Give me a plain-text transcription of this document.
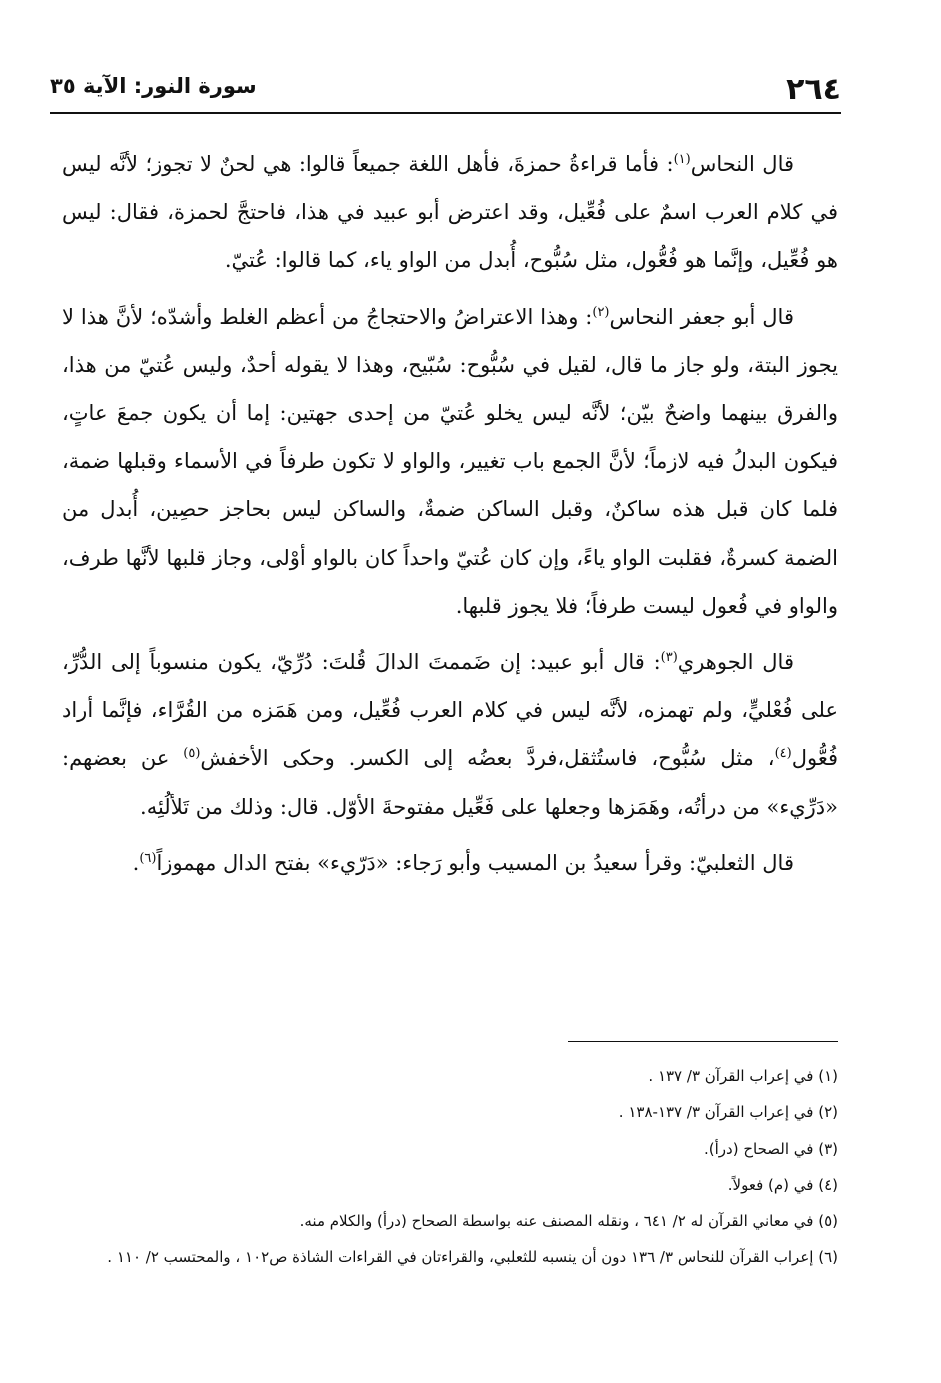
٢٦٤
سورة النور: الآية ٣٥

قال النحاس$^{(١)}$: فأما قراءةُ حمزةَ، فأهل اللغة جميعاً قالوا: هي لحنٌ لا تجوز؛ لأنَّه ليس في كلام العرب اسمٌ على فُعِّيل، وقد اعترض أبو عبيد في هذا، فاحتجَّ لحمزة، فقال: ليس هو فُعِّيل، وإنَّما هو فُعُّول، مثل سُبُّوح، أُبدل من الواو ياء، كما قالوا: عُتيّ.

قال أبو جعفر النحاس$^{(٢)}$: وهذا الاعتراضُ والاحتجاجُ من أعظم الغلط وأشدّه؛ لأنَّ هذا لا يجوز البتة، ولو جاز ما قال، لقيل في سُبُّوح: سُبّيح، وهذا لا يقوله أحدٌ، وليس عُتيّ من هذا، والفرق بينهما واضحٌ بيّن؛ لأنَّه ليس يخلو عُتيّ من إحدى جهتين: إما أن يكون جمعَ عاتٍ، فيكون البدلُ فيه لازماً؛ لأنَّ الجمع باب تغيير، والواو لا تكون طرفاً في الأسماء وقبلها ضمة، فلما كان قبل هذه ساكنٌ، وقبل الساكن ضمةٌ، والساكن ليس بحاجز حصِين، أُبدل من الضمة كسرةٌ، فقلبت الواو ياءً، وإن كان عُتيّ واحداً كان بالواو أوْلى، وجاز قلبها لأنَّها طرف، والواو في فُعول ليست طرفاً؛ فلا يجوز قلبها.

قال الجوهري$^{(٣)}$: قال أبو عبيد: إن ضَممتَ الدالَ قُلتَ: دُرِّيّ، يكون منسوباً إلى الدُّرِّ، على فُعْليٍّ، ولم تهمزه، لأنَّه ليس في كلام العرب فُعِّيل، ومن هَمَزه من القُرَّاء، فإنَّما أراد فُعُّول$^{(٤)}$، مثل سُبُّوح، فاستُثقل،فردَّ بعضُه إلى الكسر. وحكى الأخفش$^{(٥)}$ عن بعضهم: «دَرِّيء» من درأتُه، وهَمَزها وجعلها على فَعِّيل مفتوحةَ الأوّل. قال: وذلك من تَلألُئِه.

قال الثعلبيّ: وقرأ سعيدُ بن المسيب وأبو رَجاء: «دَرّيء» بفتح الدال مهموزاً$^{(٦)}$.

(١) في إعراب القرآن ٣/ ١٣٧ .

(٢) في إعراب القرآن ٣/ ١٣٧-١٣٨ .

(٣) في الصحاح (درأ).

(٤) في (م) فعولاً.

(٥) في معاني القرآن له ٢/ ٦٤١ ، ونقله المصنف عنه بواسطة الصحاح (درأ) والكلام منه.

(٦) إعراب القرآن للنحاس ٣/ ١٣٦ دون أن ينسبه للثعلبي، والقراءتان في القراءات الشاذة ص١٠٢ ، والمحتسب ٢/ ١١٠ .
